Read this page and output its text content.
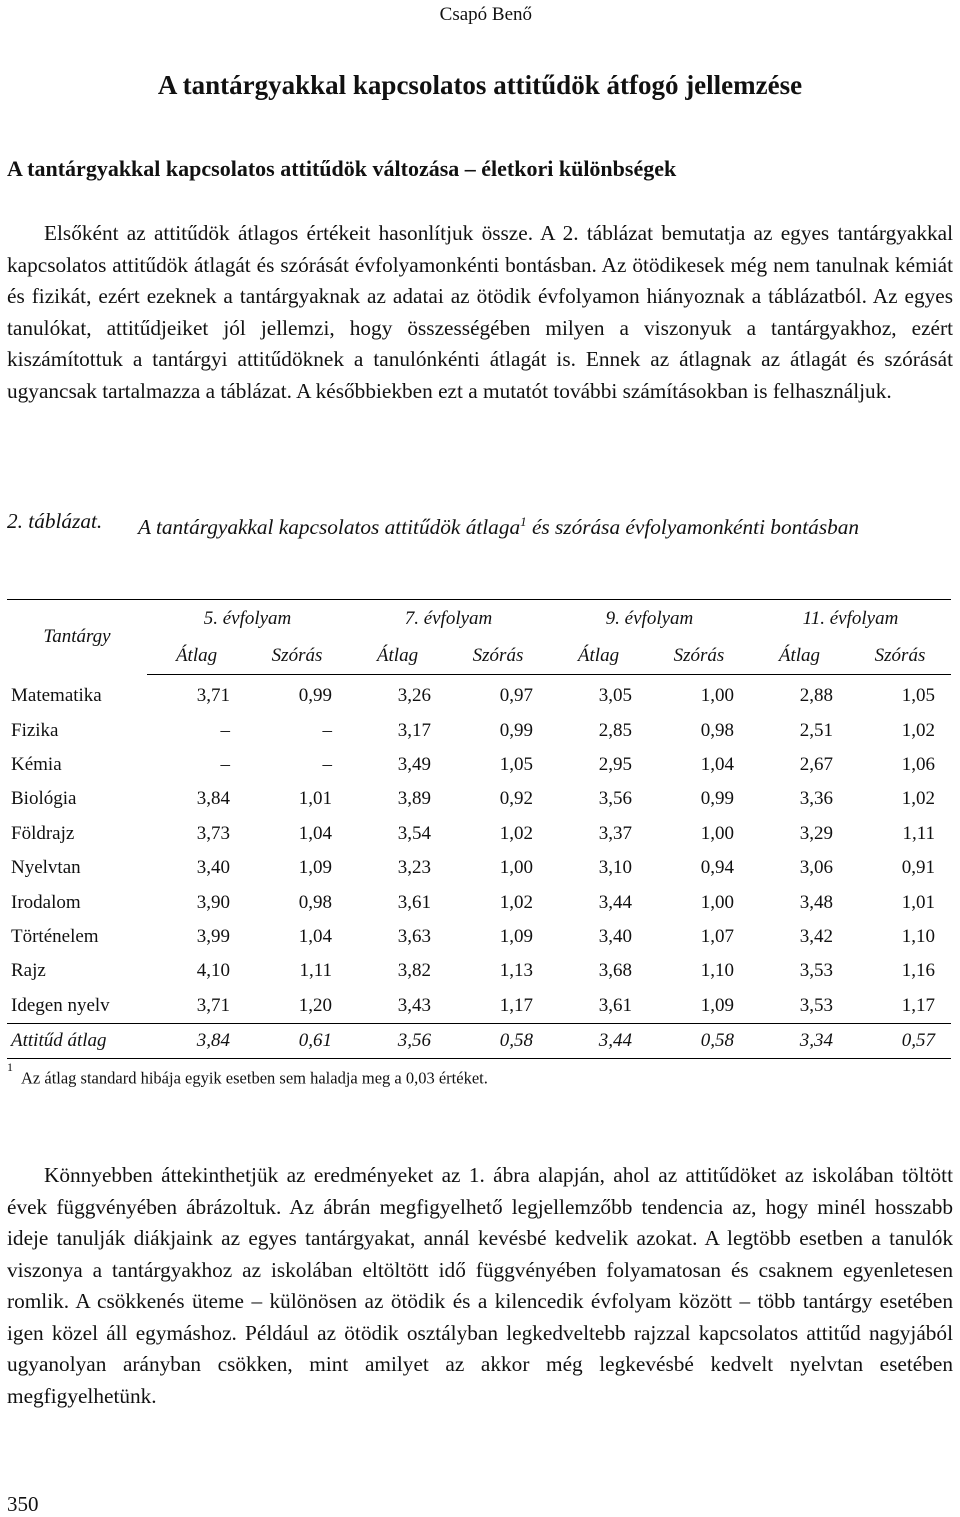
Csapó Benő
A tantárgyakkal kapcsolatos attitűdök átfogó jellemzése
A tantárgyakkal kapcsolatos attitűdök változása – életkori különbségek

Elsőként az attitűdök átlagos értékeit hasonlítjuk össze. A 2. táblázat bemutatja az egyes tantárgyakkal kapcsolatos attitűdök átlagát és szórását évfolyamonkénti bontásban. Az ötödikesek még nem tanulnak kémiát és fizikát, ezért ezeknek a tantárgyaknak az adatai az ötödik évfolyamon hiányoznak a táblázatból. Az egyes tanulókat, attitűdjeiket jól jellemzi, hogy összességében milyen a viszonyuk a tantárgyakhoz, ezért kiszámítottuk a tantárgyi attitűdöknek a tanulónkénti átlagát is. Ennek az átlagnak az átlagát és szórását ugyancsak tartalmazza a táblázat. A későbbiekben ezt a mutatót további számításokban is felhasználjuk.

2. táblázat.	A tantárgyakkal kapcsolatos attitűdök átlaga$^1$ és szórása évfolyamonkénti bontásban
Tantárgy	5. évfolyam		7. évfolyam		9. évfolyam		11. évfolyam	
	Átlag	Szórás	Átlag	Szórás	Átlag	Szórás	Átlag	Szórás
Matematika	3,71	0,99	3,26	0,97	3,05	1,00	2,88	1,05
Fizika	–	–	3,17	0,99	2,85	0,98	2,51	1,02
Kémia	–	–	3,49	1,05	2,95	1,04	2,67	1,06
Biológia	3,84	1,01	3,89	0,92	3,56	0,99	3,36	1,02
Földrajz	3,73	1,04	3,54	1,02	3,37	1,00	3,29	1,11
Nyelvtan	3,40	1,09	3,23	1,00	3,10	0,94	3,06	0,91
Irodalom	3,90	0,98	3,61	1,02	3,44	1,00	3,48	1,01
Történelem	3,99	1,04	3,63	1,09	3,40	1,07	3,42	1,10
Rajz	4,10	1,11	3,82	1,13	3,68	1,10	3,53	1,16
Idegen nyelv	3,71	1,20	3,43	1,17	3,61	1,09	3,53	1,17
Attitűd átlag	3,84	0,61	3,56	0,58	3,44	0,58	3,34	0,57
$^1$Az átlag standard hibája egyik esetben sem haladja meg a 0,03 értéket.

Könnyebben áttekinthetjük az eredményeket az 1. ábra alapján, ahol az attitűdöket az iskolában töltött évek függvényében ábrázoltuk. Az ábrán megfigyelhető legjellemzőbb tendencia az, hogy minél hosszabb ideje tanulják diákjaink az egyes tantárgyakat, annál kevésbé kedvelik azokat. A legtöbb esetben a tanulók viszonya a tantárgyakhoz az iskolában eltöltött idő függvényében folyamatosan és csaknem egyenletesen romlik. A csökkenés üteme – különösen az ötödik és a kilencedik évfolyam között – több tantárgy esetében igen közel áll egymáshoz. Például az ötödik osztályban legkedveltebb rajzzal kapcsolatos attitűd nagyjából ugyanolyan arányban csökken, mint amilyet az akkor még legkevésbé kedvelt nyelvtan esetében megfigyelhetünk.

350
